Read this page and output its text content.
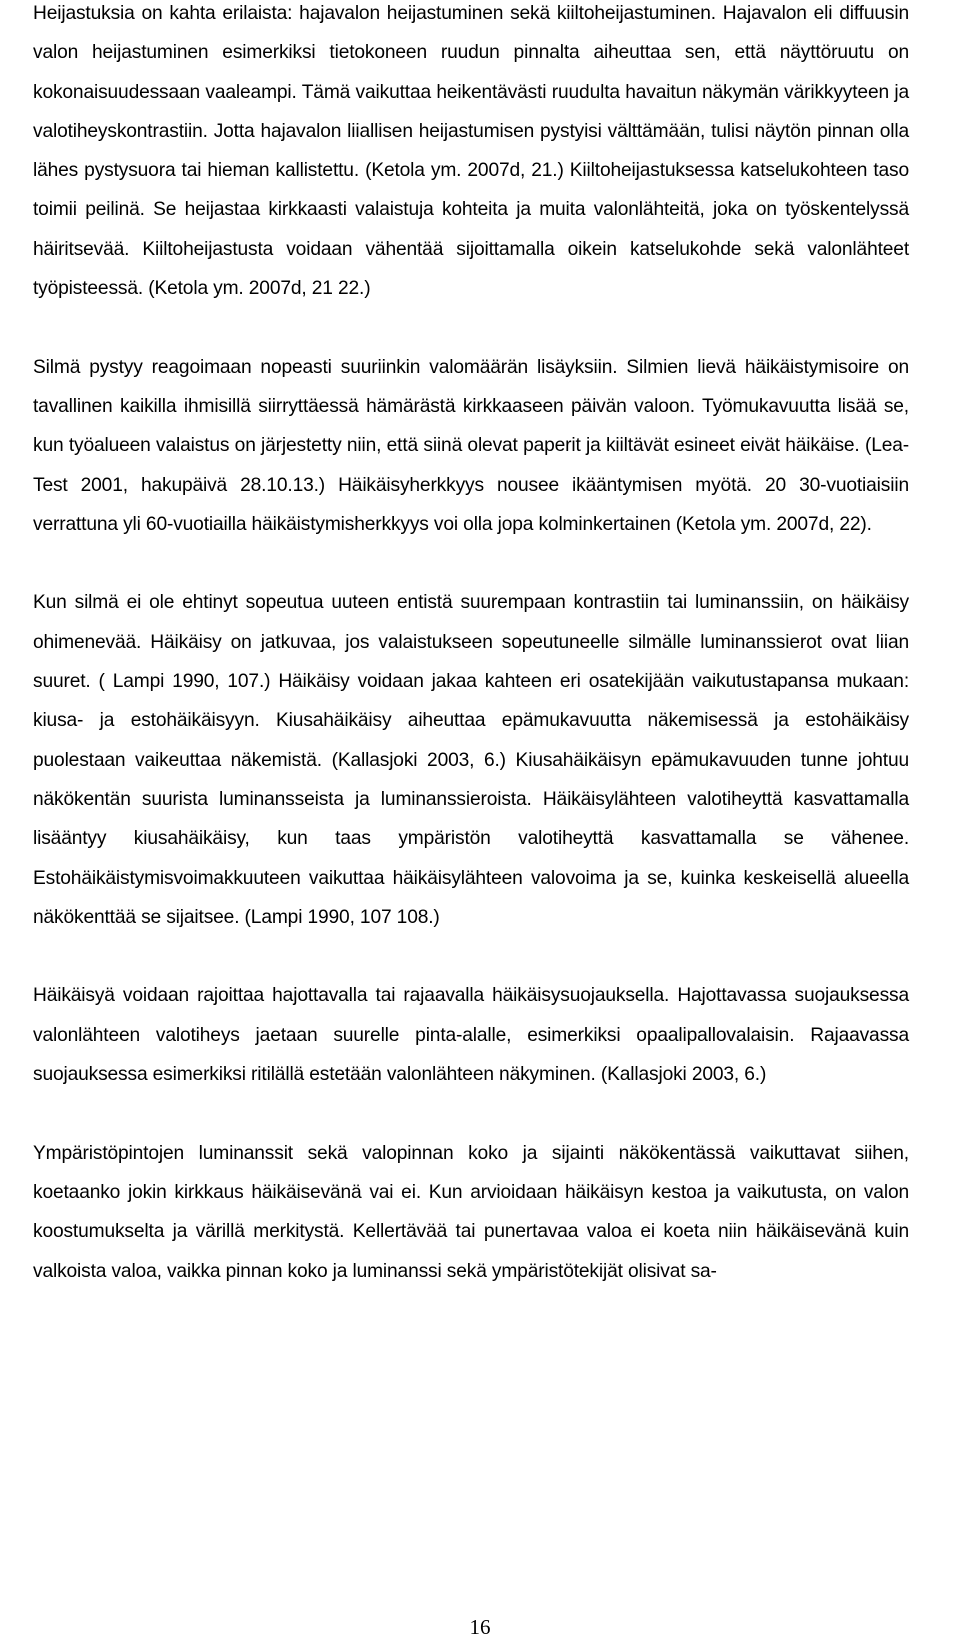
Heijastuksia on kahta erilaista: hajavalon heijastuminen sekä kiiltoheijastuminen. Hajavalon eli diffuusin valon heijastuminen esimerkiksi tietokoneen ruudun pinnalta aiheuttaa sen, että näyttöruutu on kokonaisuudessaan vaaleampi. Tämä vaikuttaa heikentävästi ruudulta havaitun näkymän värikkyyteen ja valotiheyskontrastiin. Jotta hajavalon liiallisen heijastumisen pystyisi välttämään, tulisi näytön pinnan olla lähes pystysuora tai hieman kallistettu. (Ketola ym. 2007d, 21.) Kiiltoheijastuksessa katselukohteen taso toimii peilinä. Se heijastaa kirkkaasti valaistuja kohteita ja muita valonlähteitä, joka on työskentelyssä häiritsevää. Kiiltoheijastusta voidaan vähentää sijoittamalla oikein katselukohde sekä valonlähteet työpisteessä. (Ketola ym. 2007d, 21 22.)

Silmä pystyy reagoimaan nopeasti suuriinkin valomäärän lisäyksiin. Silmien lievä häikäistymisoire on tavallinen kaikilla ihmisillä siirryttäessä hämärästä kirkkaaseen päivän valoon. Työmukavuutta lisää se, kun työalueen valaistus on järjestetty niin, että siinä olevat paperit ja kiiltävät esineet eivät häikäise. (Lea-Test 2001, hakupäivä 28.10.13.) Häikäisyherkkyys nousee ikääntymisen myötä. 20 30-vuotiaisiin verrattuna yli 60-vuotiailla häikäistymisherkkyys voi olla jopa kolminkertainen (Ketola ym. 2007d, 22).

Kun silmä ei ole ehtinyt sopeutua uuteen entistä suurempaan kontrastiin tai luminanssiin, on häikäisy ohimenevää. Häikäisy on jatkuvaa, jos valaistukseen sopeutuneelle silmälle luminanssierot ovat liian suuret. ( Lampi 1990, 107.) Häikäisy voidaan jakaa kahteen eri osatekijään vaikutustapansa mukaan: kiusa- ja estohäikäisyyn. Kiusahäikäisy aiheuttaa epämukavuutta näkemisessä ja estohäikäisy puolestaan vaikeuttaa näkemistä. (Kallasjoki 2003, 6.) Kiusahäikäisyn epämukavuuden tunne johtuu näkökentän suurista luminansseista ja luminanssieroista. Häikäisylähteen valotiheyttä kasvattamalla lisääntyy kiusahäikäisy, kun taas ympäristön valotiheyttä kasvattamalla se vähenee. Estohäikäistymisvoimakkuuteen vaikuttaa häikäisylähteen valovoima ja se, kuinka keskeisellä alueella näkökenttää se sijaitsee. (Lampi 1990, 107 108.)

Häikäisyä voidaan rajoittaa hajottavalla tai rajaavalla häikäisysuojauksella. Hajottavassa suojauksessa valonlähteen valotiheys jaetaan suurelle pinta-alalle, esimerkiksi opaalipallovalaisin. Rajaavassa suojauksessa esimerkiksi ritilällä estetään valonlähteen näkyminen. (Kallasjoki 2003, 6.)

Ympäristöpintojen luminanssit sekä valopinnan koko ja sijainti näkökentässä vaikuttavat siihen, koetaanko jokin kirkkaus häikäisevänä vai ei. Kun arvioidaan häikäisyn kestoa ja vaikutusta, on valon koostumukselta ja värillä merkitystä. Kellertävää tai punertavaa valoa ei koeta niin häikäisevänä kuin valkoista valoa, vaikka pinnan koko ja luminanssi sekä ympäristötekijät olisivat sa-

16
